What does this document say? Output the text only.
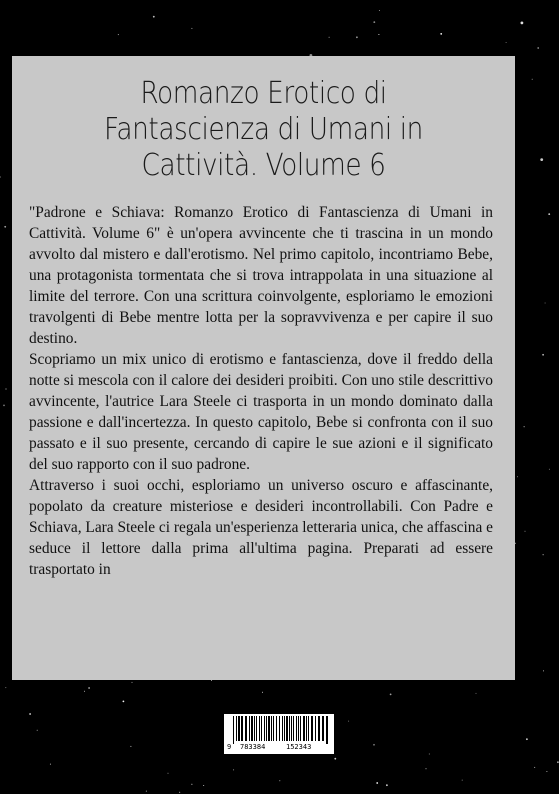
Romanzo Erotico di
Fantascienza di Umani in
Cattività. Volume 6

"Padrone e Schiava: Romanzo Erotico di Fantascienza di Umani in Cattività. Volume 6" è un'opera avvincente che ti trascina in un mondo avvolto dal mistero e dall'erotismo. Nel primo capitolo, incontriamo Bebe, una protagonista tormentata che si trova intrappolata in una situazione al limite del terrore. Con una scrittura coinvolgente, esploriamo le emozioni travolgenti di Bebe mentre lotta per la sopravvivenza e per capire il suo destino.

Scopriamo un mix unico di erotismo e fantascienza, dove il freddo della notte si mescola con il calore dei desideri proibiti. Con uno stile descrittivo avvincente, l'autrice Lara Steele ci trasporta in un mondo dominato dalla passione e dall'incertezza. In questo capitolo, Bebe si confronta con il suo passato e il suo presente, cercando di capire le sue azioni e il significato del suo rapporto con il suo padrone.

Attraverso i suoi occhi, esploriamo un universo oscuro e affascinante, popolato da creature misteriose e desideri incontrollabili. Con Padre e Schiava, Lara Steele ci regala un'esperienza letteraria unica, che affascina e seduce il lettore dalla prima all'ultima pagina. Preparati ad essere trasportato in

9 783384	152343
